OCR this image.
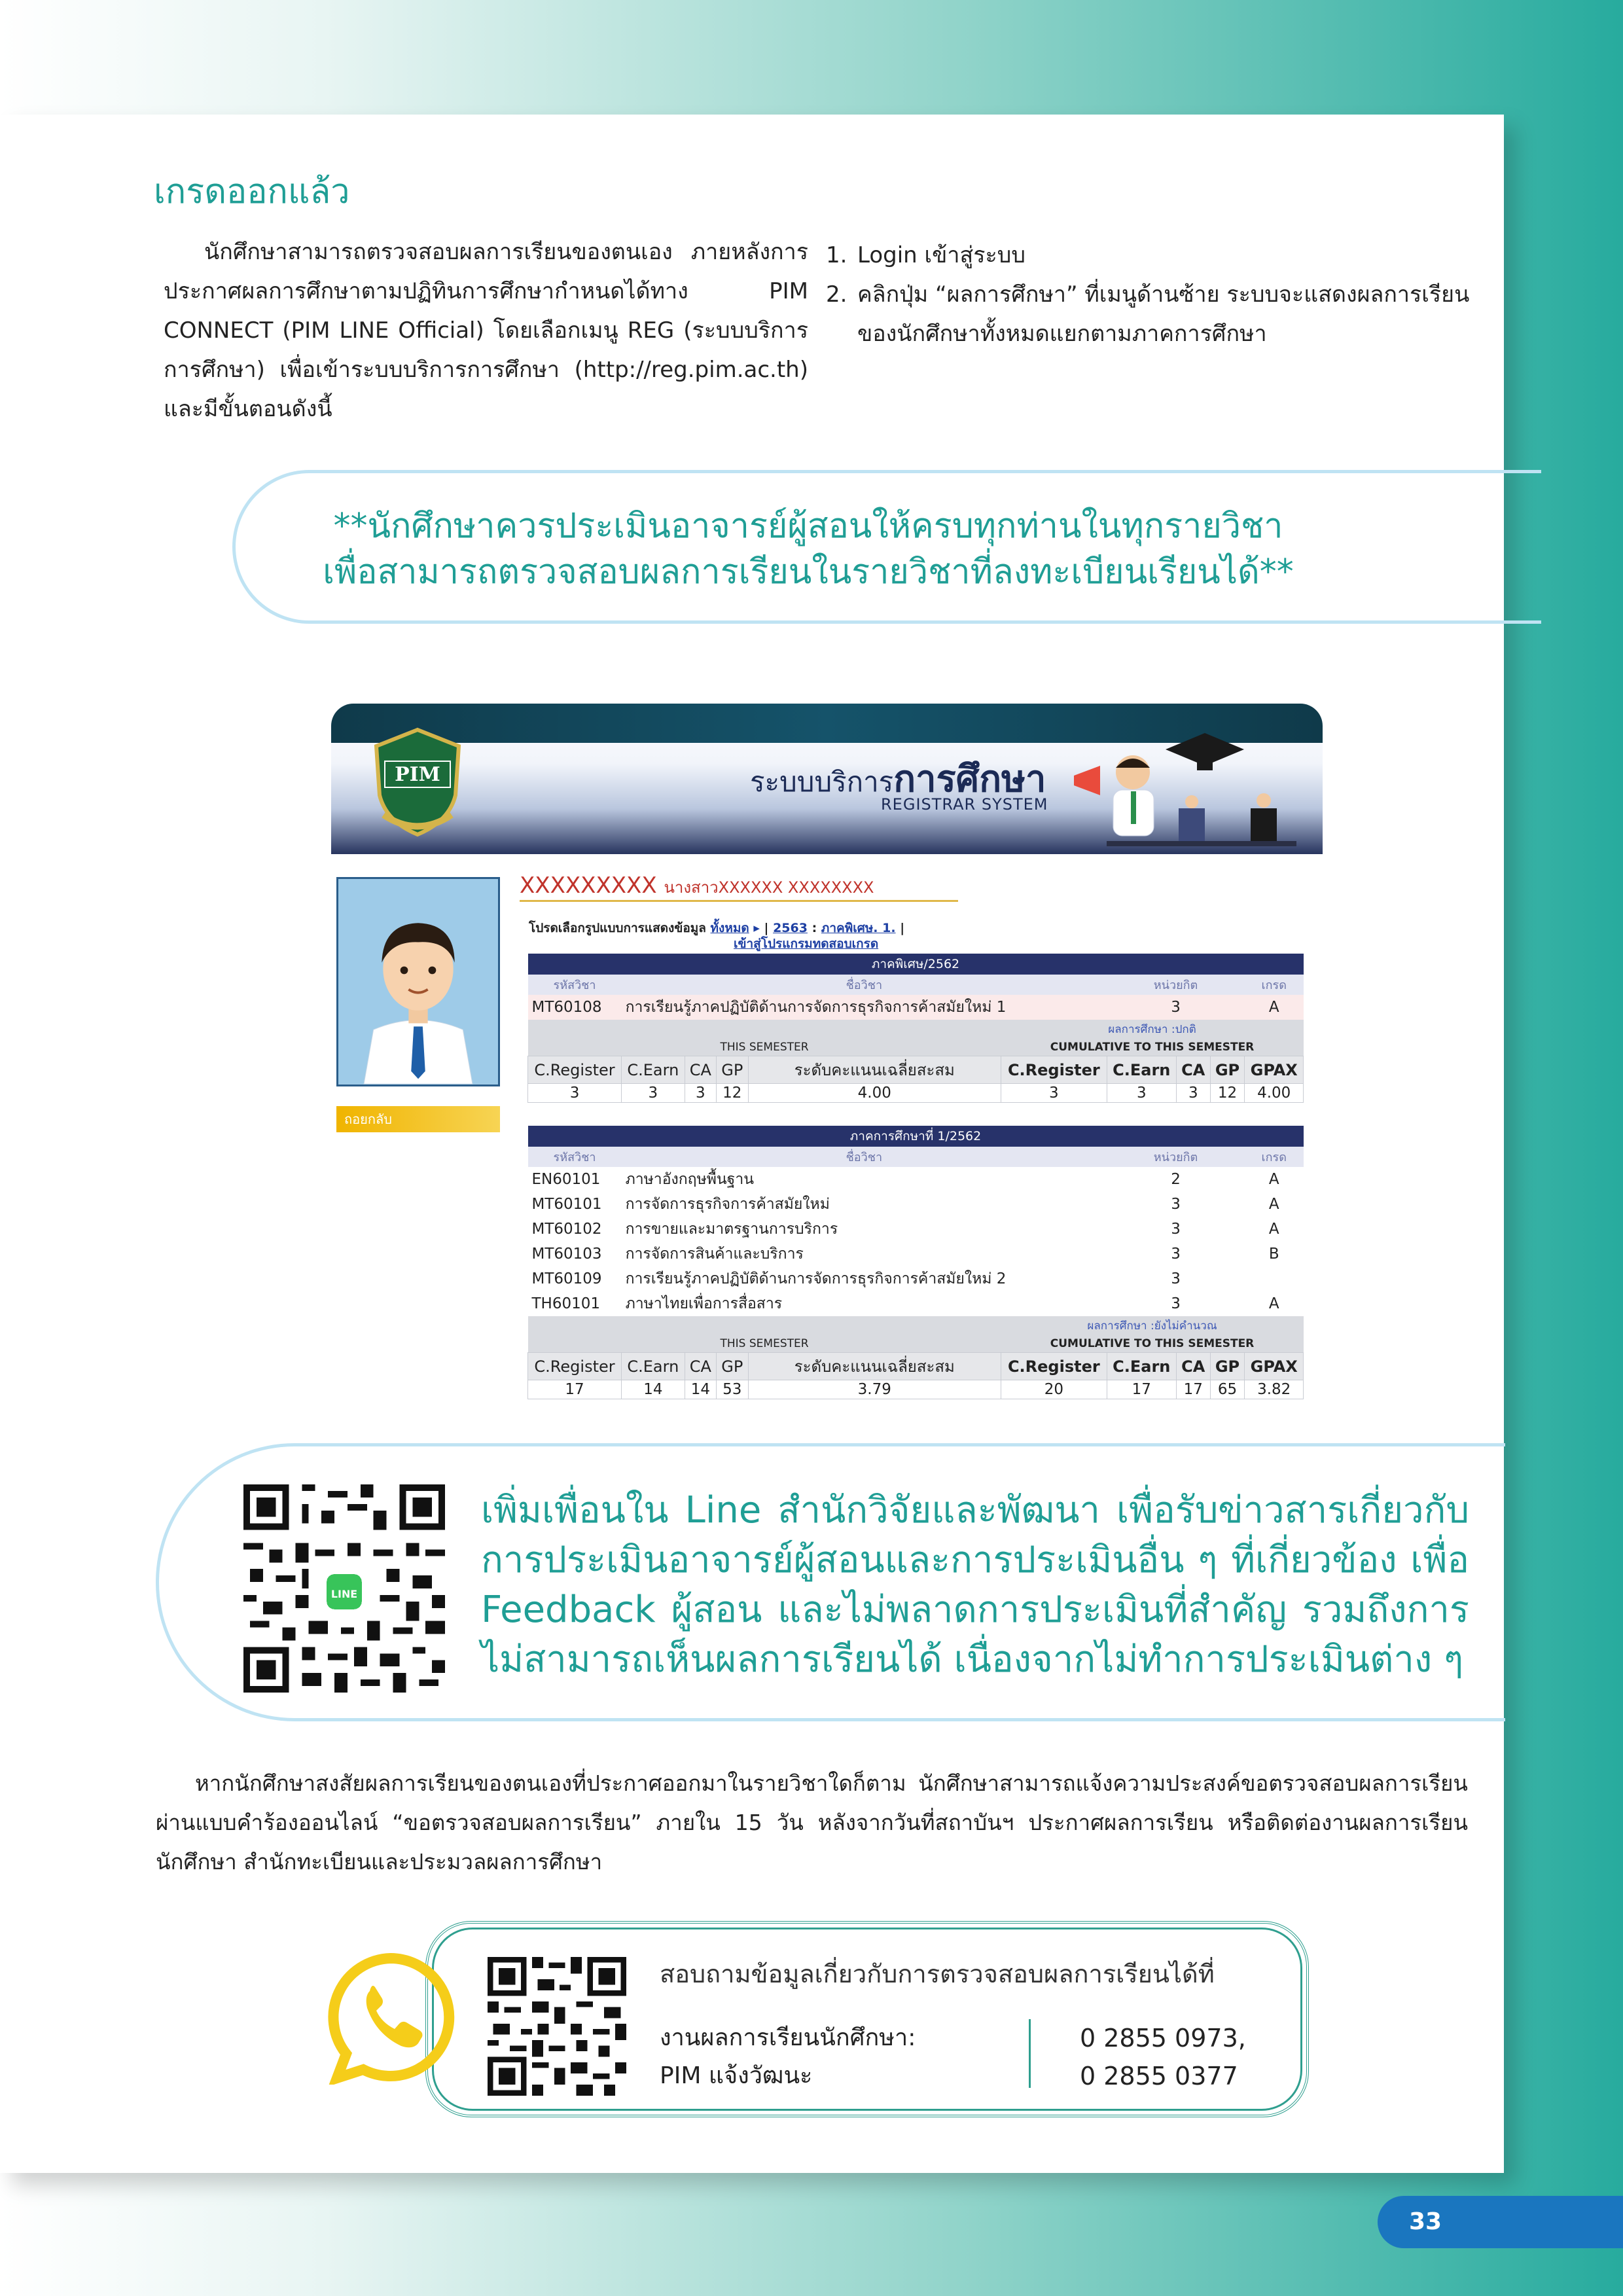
เกรดออกแล้ว

นักศึกษาสามารถตรวจสอบผลการเรียนของตนเอง ภายหลังการประกาศผลการศึกษาตามปฏิทินการศึกษากำหนดได้ทาง PIM CONNECT (PIM LINE Official) โดยเลือกเมนู REG (ระบบบริการการศึกษา) เพื่อเข้าระบบบริการการศึกษา (http://reg.pim.ac.th) และมีขั้นตอนดังนี้

1. Login เข้าสู่ระบบ
2. คลิกปุ่ม “ผลการศึกษา” ที่เมนูด้านซ้าย ระบบจะแสดงผลการเรียนของนักศึกษาทั้งหมดแยกตามภาคการศึกษา

**นักศึกษาควรประเมินอาจารย์ผู้สอนให้ครบทุกท่านในทุกรายวิชา

เพื่อสามารถตรวจสอบผลการเรียนในรายวิชาที่ลงทะเบียนเรียนได้**

PIM	ระบบบริการการศึกษา
REGISTRAR SYSTEM
ถอยกลับ
XXXXXXXXX นางสาวXXXXXX XXXXXXXX
โปรดเลือกรูปแบบการแสดงข้อมูล ทั้งหมด ▸ | 2563 : ภาคพิเศษ. 1. |
เข้าสู่โปรแกรมทดสอบเกรด
ภาคพิเศษ/2562									
รหัสวิชา	ชื่อวิชา					หน่วยกิต			เกรด
MT60108	การเรียนรู้ภาคปฏิบัติด้านการจัดการธุรกิจการค้าสมัยใหม่ 1					3			A
					ผลการศึกษา :ปกติ				
THIS SEMESTER					CUMULATIVE TO THIS SEMESTER				
C.Register	C.Earn	CA	GP	ระดับคะแนนเฉลี่ยสะสม	C.Register	C.Earn	CA	GP	GPAX
3	3	3	12	4.00	3	3	3	12	4.00
ภาคการศึกษาที่ 1/2562									
รหัสวิชา	ชื่อวิชา					หน่วยกิต			เกรด
EN60101	ภาษาอังกฤษพื้นฐาน					2			A
MT60101	การจัดการธุรกิจการค้าสมัยใหม่					3			A
MT60102	การขายและมาตรฐานการบริการ					3			A
MT60103	การจัดการสินค้าและบริการ					3			B
MT60109	การเรียนรู้ภาคปฏิบัติด้านการจัดการธุรกิจการค้าสมัยใหม่ 2					3			
TH60101	ภาษาไทยเพื่อการสื่อสาร					3			A
					ผลการศึกษา :ยังไม่คำนวณ				
THIS SEMESTER					CUMULATIVE TO THIS SEMESTER				
C.Register	C.Earn	CA	GP	ระดับคะแนนเฉลี่ยสะสม	C.Register	C.Earn	CA	GP	GPAX
17	14	14	53	3.79	20	17	17	65	3.82
LINE

เพิ่มเพื่อนใน Line สำนักวิจัยและพัฒนา เพื่อรับข่าวสารเกี่ยวกับการประเมินอาจารย์ผู้สอนและการประเมินอื่น ๆ ที่เกี่ยวข้อง เพื่อ Feedback ผู้สอน และไม่พลาดการประเมินที่สำคัญ รวมถึงการไม่สามารถเห็นผลการเรียนได้ เนื่องจากไม่ทำการประเมินต่าง ๆ

หากนักศึกษาสงสัยผลการเรียนของตนเองที่ประกาศออกมาในรายวิชาใดก็ตาม นักศึกษาสามารถแจ้งความประสงค์ขอตรวจสอบผลการเรียนผ่านแบบคำร้องออนไลน์ “ขอตรวจสอบผลการเรียน” ภายใน 15 วัน หลังจากวันที่สถาบันฯ ประกาศผลการเรียน หรือติดต่องานผลการเรียนนักศึกษา สำนักทะเบียนและประมวลผลการศึกษา

สอบถามข้อมูลเกี่ยวกับการตรวจสอบผลการเรียนได้ที่

งานผลการเรียนนักศึกษา:
PIM แจ้งวัฒนะ

0 2855 0973,
0 2855 0377

33
